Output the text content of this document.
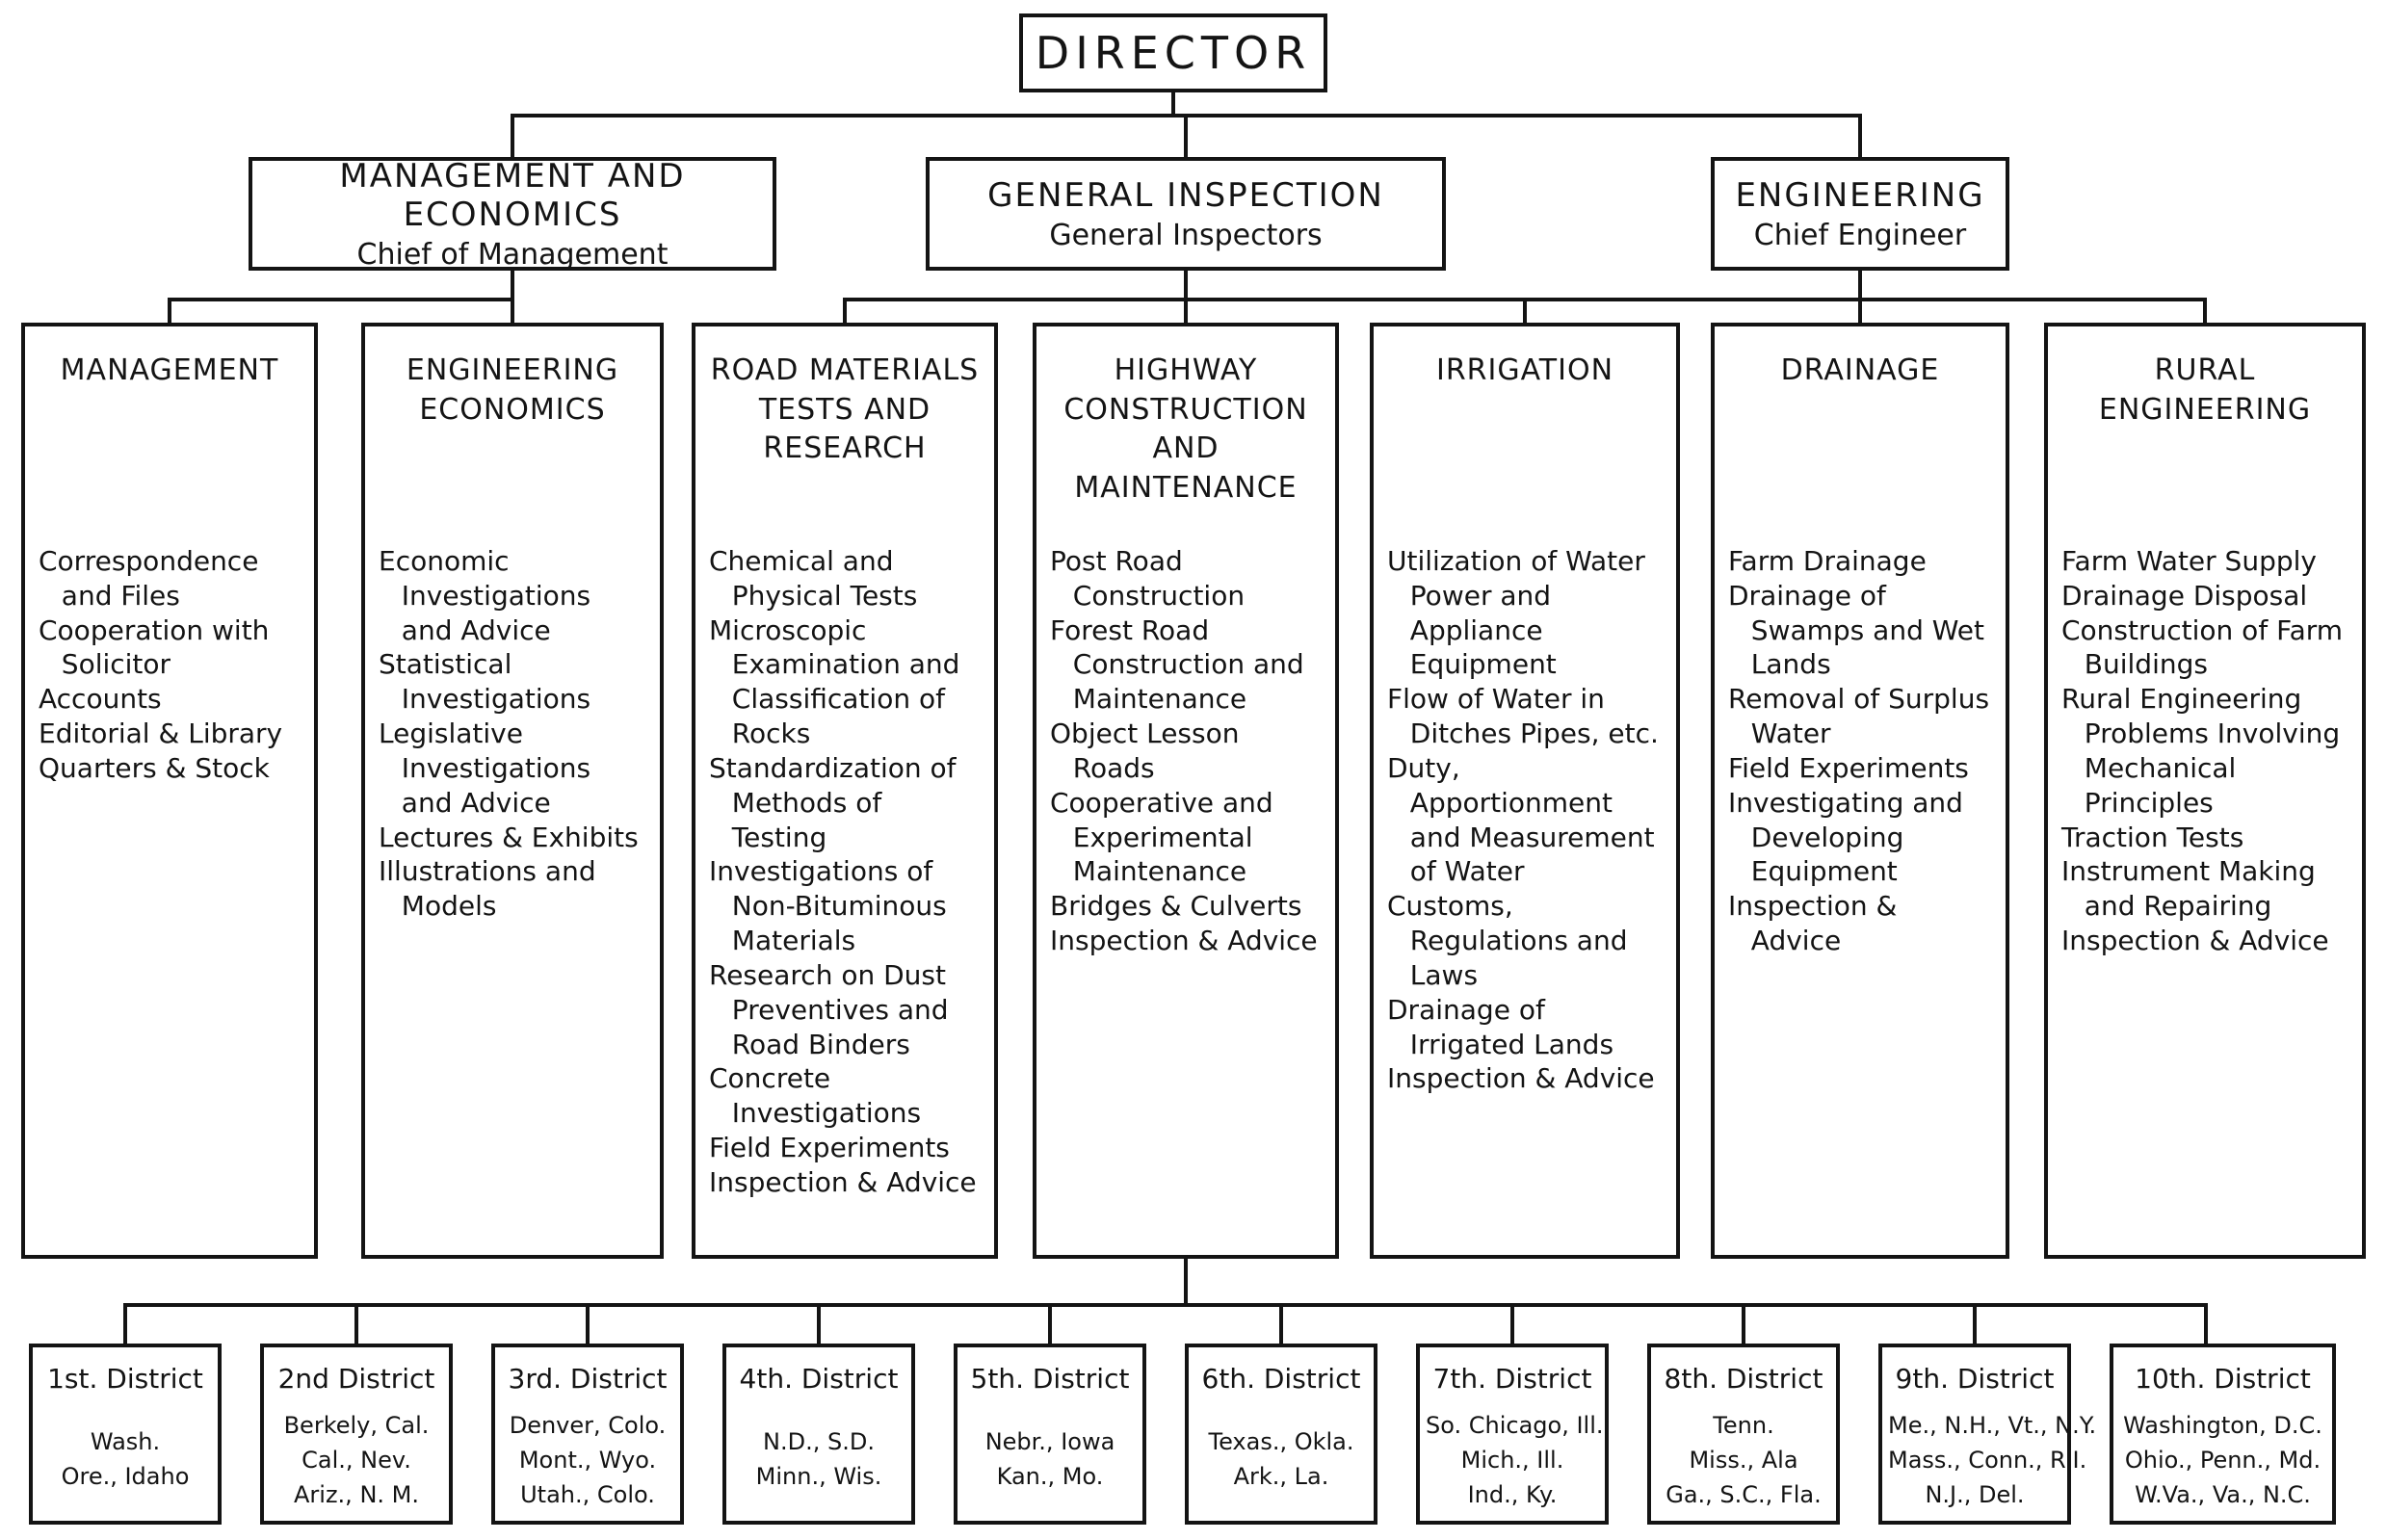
DIRECTOR
MANAGEMENT AND ECONOMICS
Chief of Management
GENERAL INSPECTION
General Inspectors
ENGINEERING
Chief Engineer
MANAGEMENT
Correspondence and Files
Cooperation with Solicitor
Accounts
Editorial & Library
Quarters & Stock
ENGINEERING ECONOMICS
Economic Investigations and Advice
Statistical Investigations
Legislative Investigations and Advice
Lectures & Exhibits
Illustrations and Models
ROAD MATERIALS TESTS AND RESEARCH
Chemical and Physical Tests
Microscopic Examination and Classification of Rocks
Standardization of Methods of Testing
Investigations of Non-Bituminous Materials
Research on Dust Preventives and Road Binders
Concrete Investigations
Field Experiments
Inspection & Advice
HIGHWAY CONSTRUCTION AND MAINTENANCE
Post Road Construction
Forest Road Construction and Maintenance
Object Lesson Roads
Cooperative and Experimental Maintenance
Bridges & Culverts
Inspection & Advice
IRRIGATION
Utilization of Water Power and Appliance Equipment
Flow of Water in Ditches Pipes, etc.
Duty, Apportionment and Measurement of Water
Customs, Regulations and Laws
Drainage of Irrigated Lands
Inspection & Advice
DRAINAGE
Farm Drainage
Drainage of Swamps and Wet Lands
Removal of Surplus Water
Field Experiments
Investigating and Developing Equipment
Inspection & Advice
RURAL ENGINEERING
Farm Water Supply
Drainage Disposal
Construction of Farm Buildings
Rural Engineering Problems Involving Mechanical Principles
Traction Tests
Instrument Making and Repairing
Inspection & Advice
1st. District
Wash.
Ore., Idaho
2nd District
Berkely, Cal.
Cal., Nev.
Ariz., N. M.
3rd. District
Denver, Colo.
Mont., Wyo.
Utah., Colo.
4th. District
N.D., S.D.
Minn., Wis.
5th. District
Nebr., Iowa
Kan., Mo.
6th. District
Texas., Okla.
Ark., La.
7th. District
So. Chicago, Ill.
Mich., Ill.
Ind., Ky.
8th. District
Tenn.
Miss., Ala
Ga., S.C., Fla.
9th. District
Me., N.H., Vt., N.Y.
Mass., Conn., R.I.
N.J., Del.
10th. District
Washington, D.C.
Ohio., Penn., Md.
W.Va., Va., N.C.
